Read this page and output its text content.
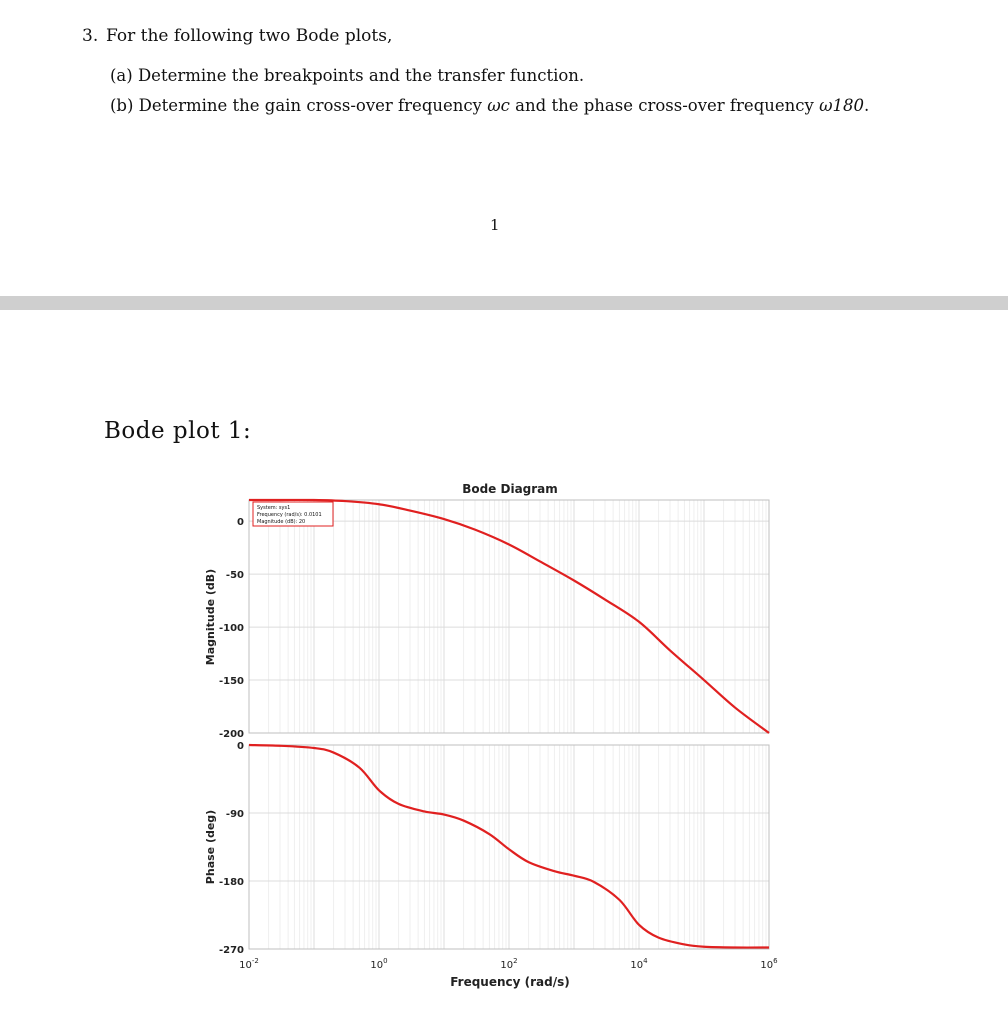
3. For the following two Bode plots,
(a) Determine the breakpoints and the transfer function.
(b) Determine the gain cross-over frequency ωc and the phase cross-over frequency ω180.
1
Bode plot 1:
0
-50
-100
-150
-200
0
-90
-180
-270
$10^{-2}$	$10^0$	$10^2$	$10^4$	$10^6$
Bode Diagram
Frequency (rad/s)
Magnitude (dB)
Phase (deg)
System: sys1
Frequency (rad/s): 0.0101
Magnitude (dB): 20
